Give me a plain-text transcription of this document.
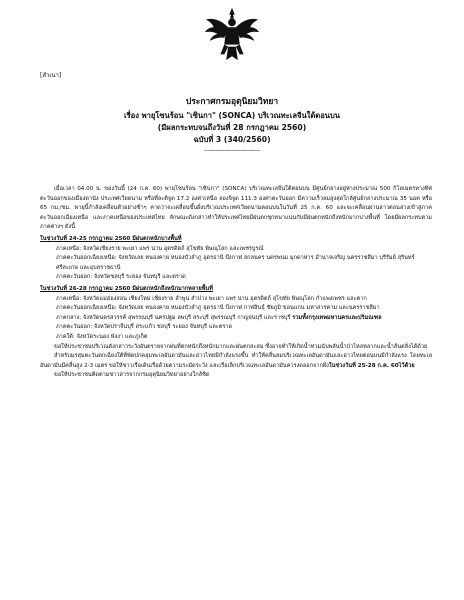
[สำเนา]
ประกาศกรมอุตุนิยมวิทยา
เรื่อง พายุโซนร้อน "เซินกา" (SONCA) บริเวณทะเลจีนใต้ตอนบน
(มีผลกระทบจนถึงวันที่ 28 กรกฎาคม 2560)
ฉบับที่ 3 (340/2560)
------------------------------

เมื่อเวลา 04.00 น. ของวันนี้ (24 ก.ค. 60) พายุโซนร้อน "เซินกา" (SONCA) บริเวณทะเลจีนใต้ตอนบน มีศูนย์กลางอยู่ห่างประมาณ 500 กิโลเมตรทางทิศตะวันออกของเมืองดานัง ประเทศเวียดนาม หรือที่ละติจูด 17.2 องศาเหนือ ลองจิจูด 111.3 องศาตะวันออก มีความเร็วลมสูงสุดใกล้ศูนย์กลางประมาณ 35 นอต หรือ 65 กม./ชม. พายุนี้กำลังเคลื่อนตัวอย่างช้าๆ คาดว่าจะเคลื่อนขึ้นฝั่งบริเวณประเทศเวียดนามตอนบนในวันที่ 25 ก.ค. 60 และจะเคลื่อนผ่านลาวตอนล่างเข้าสู่ภาคตะวันออกเฉียงเหนือ และภาคเหนือของประเทศไทย ลักษณะดังกล่าวทำให้ประเทศไทยมีฝนตกชุกหนาแน่นกับมีฝนตกหนักถึงหนักมากบางพื้นที่ โดยมีผลกระทบตามภาคต่างๆ ดังนี้

ในช่วงวันที่ 24-25 กรกฎาคม 2560 มีฝนตกหนักบางพื้นที่

ภาคเหนือ: จังหวัดเชียงราย พะเยา แพร่ น่าน อุตรดิตถ์ สุโขทัย พิษณุโลก และเพชรบูรณ์

ภาคตะวันออกเฉียงเหนือ: จังหวัดเลย หนองคาย หนองบัวลำภู อุดรธานี บึงกาฬ สกลนคร นครพนม มุกดาหาร อำนาจเจริญ นครราชสีมา บุรีรัมย์ สุรินทร์ ศรีสะเกษ และอุบลราชธานี

ภาคตะวันออก: จังหวัดชลบุรี ระยอง จันทบุรี และตราด

ในช่วงวันที่ 26-28 กรกฎาคม 2560 มีฝนตกหนักถึงหนักมากหลายพื้นที่

ภาคเหนือ: จังหวัดแม่ฮ่องสอน เชียงใหม่ เชียงราย ลำพูน ลำปาง พะเยา แพร่ น่าน อุตรดิตถ์ สุโขทัย พิษณุโลก กำแพงเพชร และตาก

ภาคตะวันออกเฉียงเหนือ: จังหวัดเลย หนองคาย หนองบัวลำภู อุดรธานี บึงกาฬ กาฬสินธุ์ ชัยภูมิ ขอนแก่น มหาสารคาม และนครราชสีมา

ภาคกลาง: จังหวัดนครสวรรค์ สุพรรณบุรี นครปฐม ลพบุรี สระบุรี สุพรรณบุรี กาญจนบุรี และราชบุรี รวมทั้งกรุงเทพมหานครและปริมณฑล

ภาคตะวันออก: จังหวัดปราจีนบุรี สระแก้ว ชลบุรี ระยอง จันทบุรี และตราด

ภาคใต้: จังหวัดระนอง พังงา และภูเก็ต

ขอให้ประชาชนบริเวณดังกล่าวระวังอันตรายจากฝนที่ตกหนักถึงหนักมากและฝนตกสะสม ซึ่งอาจทำให้เกิดน้ำท่วมฉับพลันน้ำป่าไหลหลากและน้ำล้นตลิ่งได้ด้วย

สำหรับมรสุมตะวันตกเฉียงใต้ที่พัดปกคลุมทะเลอันดามันและอ่าวไทยมีกำลังแรงขึ้น ทำให้คลื่นลมบริเวณทะเลอันดามันและอ่าวไทยตอนบนมีกำลังแรง โดยทะเลอันดามันมีคลื่นสูง 2-3 เมตร ขอให้ชาวเรือเดินเรือด้วยความระมัดระวัง และเรือเล็กบริเวณทะเลอันดามันควรงดออกจากฝั่งในช่วงวันที่ 25-28 ก.ค. 60ไว้ด้วย

ขอให้ประชาชนติดตามข่าวสารจากกรมอุตุนิยมวิทยาอย่างใกล้ชิด
